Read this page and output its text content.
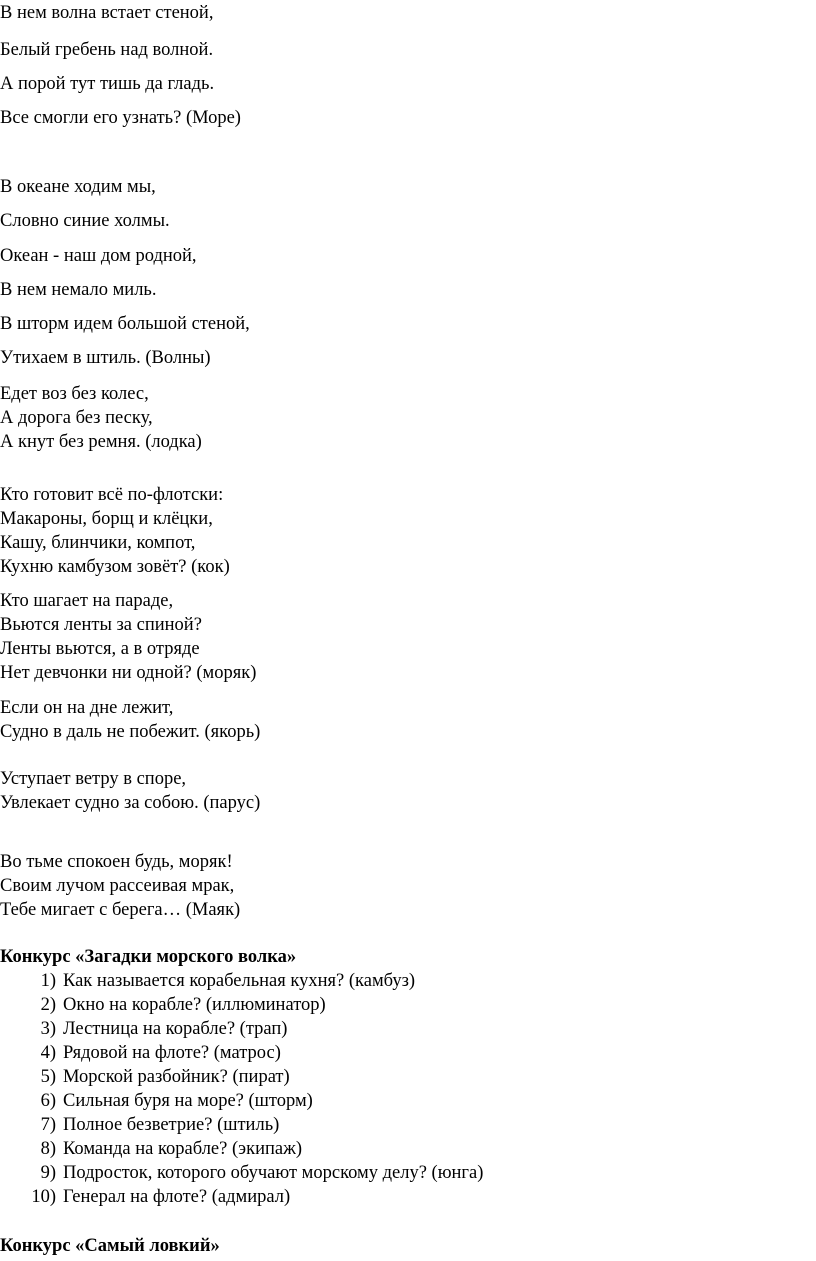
В нем волна встает стеной,

Белый гребень над волной.

А порой тут тишь да гладь.

Все смогли его узнать? (Море)

В океане ходим мы,

Словно синие холмы.

Океан - наш дом родной,

В нем немало миль.

В шторм идем большой стеной,

Утихаем в штиль. (Волны)

Едет воз без колес,

А дорога без песку,

А кнут без ремня. (лодка)

Кто готовит всё по-флотски:

Макароны, борщ и клёцки,

Кашу, блинчики, компот,

Кухню камбузом зовёт? (кок)

Кто шагает на параде,

Вьются ленты за спиной?

Ленты вьются, а в отряде

Нет девчонки ни одной? (моряк)

Если он на дне лежит,

Судно в даль не побежит. (якорь)

Уступает ветру в споре,

Увлекает судно за собою. (парус)

Во тьме спокоен будь, моряк!

Своим лучом рассеивая мрак,

Тебе мигает с берега… (Маяк)

Конкурс «Загадки морского волка»

1) Как называется корабельная кухня? (камбуз)
2) Окно на корабле? (иллюминатор)
3) Лестница на корабле? (трап)
4) Рядовой на флоте? (матрос)
5) Морской разбойник? (пират)
6) Сильная буря на море? (шторм)
7) Полное безветрие? (штиль)
8) Команда на корабле? (экипаж)
9) Подросток, которого обучают морскому делу? (юнга)
10) Генерал на флоте? (адмирал)

Конкурс «Самый ловкий»
